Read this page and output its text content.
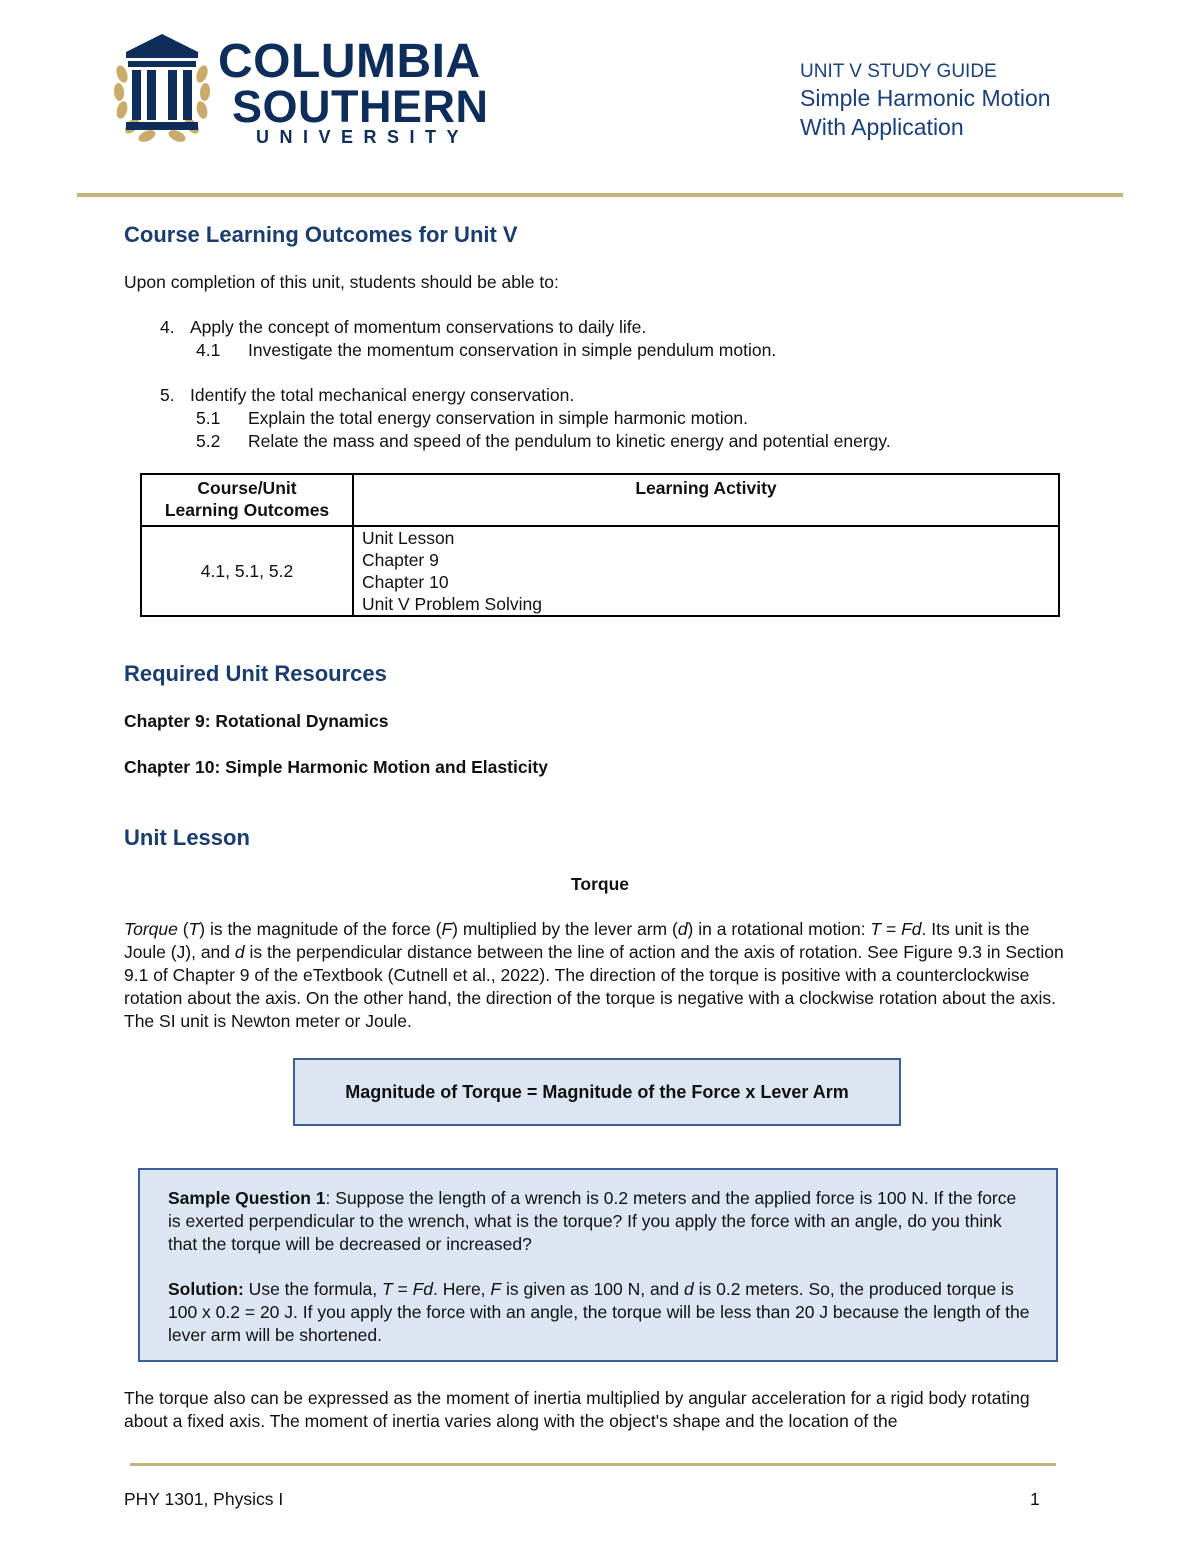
COLUMBIA
SOUTHERN
UNIVERSITY
UNIT V STUDY GUIDE
Simple Harmonic Motion
With Application
Course Learning Outcomes for Unit V
Upon completion of this unit, students should be able to:
4. Apply the concept of momentum conservations to daily life.
4.1 Investigate the momentum conservation in simple pendulum motion.
5. Identify the total mechanical energy conservation.
5.1 Explain the total energy conservation in simple harmonic motion.
5.2 Relate the mass and speed of the pendulum to kinetic energy and potential energy.
Course/Unit
Learning Outcomes	Learning Activity
4.1, 5.1, 5.2	Unit Lesson
Chapter 9
Chapter 10
Unit V Problem Solving
Required Unit Resources
Chapter 9: Rotational Dynamics
Chapter 10: Simple Harmonic Motion and Elasticity
Unit Lesson
Torque
Torque (T) is the magnitude of the force (F) multiplied by the lever arm (d) in a rotational motion: T = Fd. Its unit is the Joule (J), and d is the perpendicular distance between the line of action and the axis of rotation. See Figure 9.3 in Section 9.1 of Chapter 9 of the eTextbook (Cutnell et al., 2022). The direction of the torque is positive with a counterclockwise rotation about the axis. On the other hand, the direction of the torque is negative with a clockwise rotation about the axis. The SI unit is Newton meter or Joule.
Magnitude of Torque = Magnitude of the Force x Lever Arm
Sample Question 1: Suppose the length of a wrench is 0.2 meters and the applied force is 100 N. If the force is exerted perpendicular to the wrench, what is the torque? If you apply the force with an angle, do you think that the torque will be decreased or increased?
Solution: Use the formula, T = Fd. Here, F is given as 100 N, and d is 0.2 meters. So, the produced torque is 100 x 0.2 = 20 J. If you apply the force with an angle, the torque will be less than 20 J because the length of the lever arm will be shortened.
The torque also can be expressed as the moment of inertia multiplied by angular acceleration for a rigid body rotating about a fixed axis. The moment of inertia varies along with the object's shape and the location of the
PHY 1301, Physics I	1
